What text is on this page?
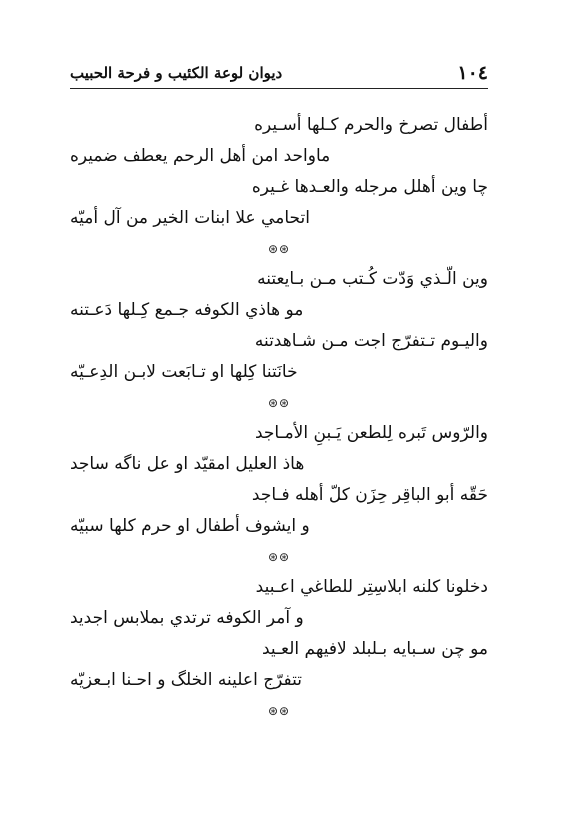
١٠٤
ديوان لوعة الكئيب و فرحة الحبيب
أطفال تصرخ والحرم كـلها أسـيره
ماواحد امن أهل الرحم يعطف ضميره
چا وين أهلل مرجله والعـدها غـيره
اتحامي علا ابنات الخير من آل أميّه
⊛⊛
وين الّـذي وَدّت كُـتب مـن بـايعتنه
مو هاذي الكوفه جـمع كِـلها دَعـتنه
واليـوم تـتفرّج اجت مـن شـاهدتنه
خانَتنا كِلها او تـابَعت لابـن الدِعـيّه
⊛⊛
والرّوس تَبره لِلطعن يَـبنِ الأمـاجد
هاذ العليل امقيّد او عل ناگه ساجد
حَقّه أبو الباقِر حِزَن كلّ أهله فـاجد
و ايشوف أطفال او حرم كلها سبيّه
⊛⊛
دخلونا كلنه ابلاسِتِر للطاغي اعـبيد
و آمر الكوفه ترتدي بملابس اجديد
مو چن سـبايه بـلبلد لافيهم العـيد
تتفرّج اعلينه الخلگ و احـنا ابـعزيّه
⊛⊛
